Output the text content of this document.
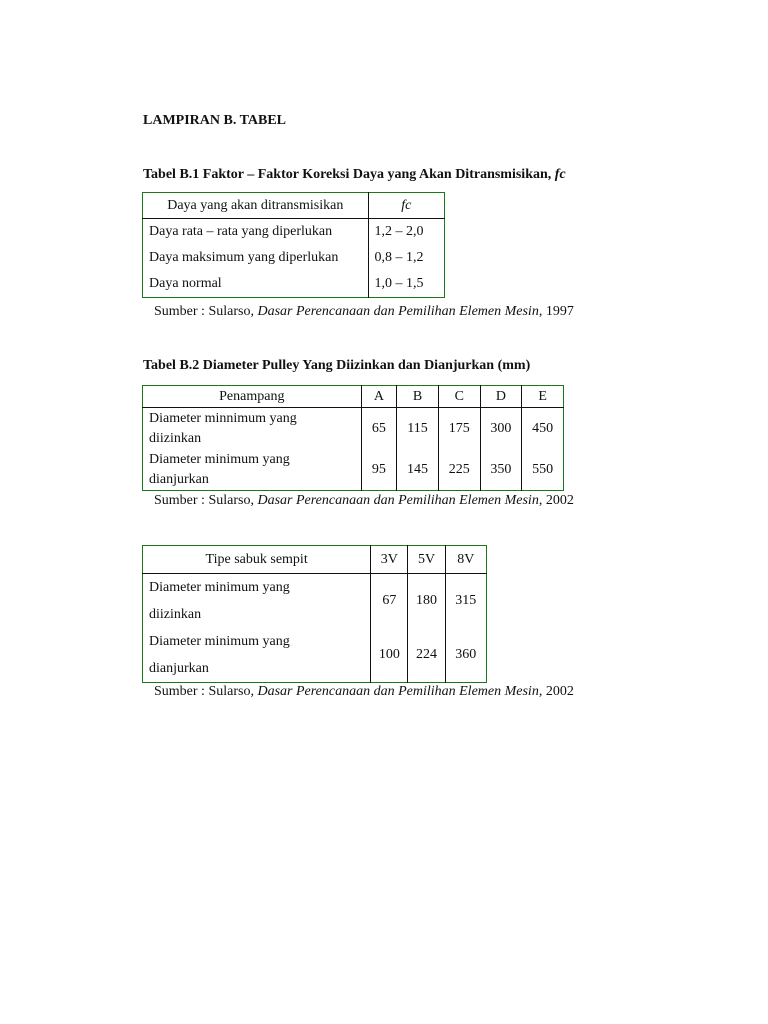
LAMPIRAN B. TABEL
Tabel B.1 Faktor – Faktor Koreksi Daya yang Akan Ditransmisikan, fc
Daya yang akan ditransmisikan	fc
Daya rata – rata yang diperlukan	1,2 – 2,0
Daya maksimum yang diperlukan	0,8 – 1,2
Daya normal	1,0 – 1,5
Sumber : Sularso, Dasar Perencanaan dan Pemilihan Elemen Mesin, 1997
Tabel B.2 Diameter Pulley Yang Diizinkan dan Dianjurkan (mm)
Penampang	A	B	C	D	E
Diameter minnimum yang
diizinkan	65	115	175	300	450
Diameter minimum yang
dianjurkan	95	145	225	350	550
Sumber : Sularso, Dasar Perencanaan dan Pemilihan Elemen Mesin, 2002
Tipe sabuk sempit	3V	5V	8V
Diameter minimum yang
diizinkan	67	180	315
Diameter minimum yang
dianjurkan	100	224	360
Sumber : Sularso, Dasar Perencanaan dan Pemilihan Elemen Mesin, 2002
